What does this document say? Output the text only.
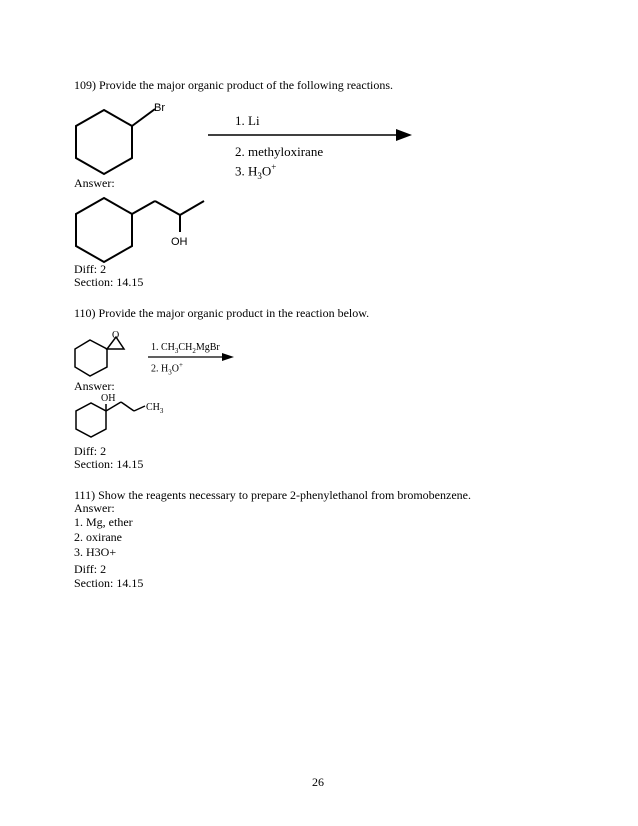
109) Provide the major organic product of the following reactions.
Br
1. Li
2. methyloxirane
3. $H_3O^+$
Answer:
OH
Diff: 2
Section: 14.15
110) Provide the major organic product in the reaction below.
O
1. $CH_3CH_2MgBr$
2. $H_3O^+$
Answer:
OH
$CH_3$
Diff: 2
Section: 14.15
111) Show the reagents necessary to prepare 2-phenylethanol from bromobenzene.
Answer:
1. Mg, ether
2. oxirane
3. H3O+
Diff: 2
Section: 14.15
26
